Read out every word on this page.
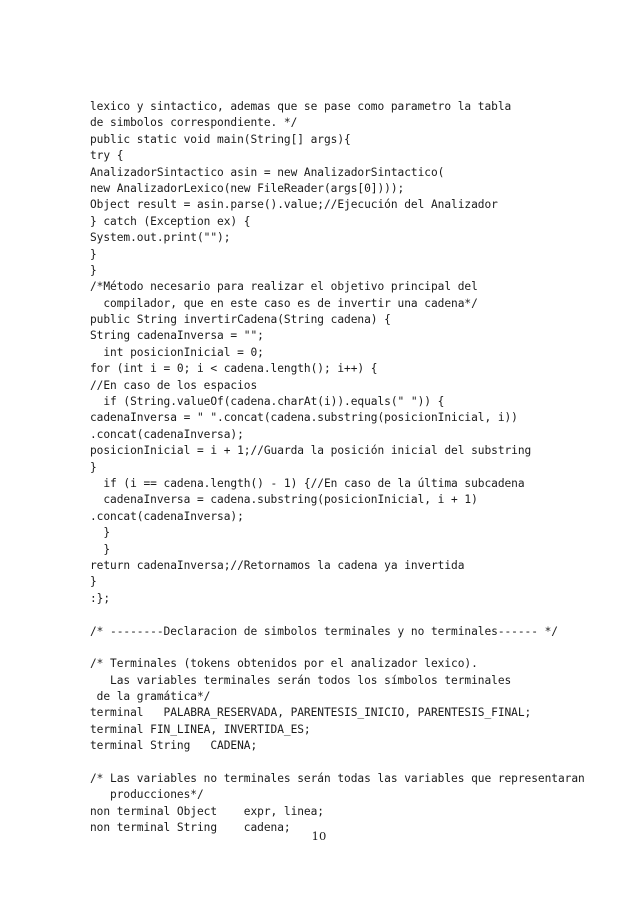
lexico y sintactico, ademas que se pase como parametro la tabla
de simbolos correspondiente. */
public static void main(String[] args){
try {
AnalizadorSintactico asin = new AnalizadorSintactico(
new AnalizadorLexico(new FileReader(args[0])));
Object result = asin.parse().value;//Ejecución del Analizador
} catch (Exception ex) {
System.out.print("");
}
}
/*Método necesario para realizar el objetivo principal del
compilador, que en este caso es de invertir una cadena*/
public String invertirCadena(String cadena) {
String cadenaInversa = "";
int posicionInicial = 0;
for (int i = 0; i < cadena.length(); i++) {
//En caso de los espacios
if (String.valueOf(cadena.charAt(i)).equals(" ")) {
cadenaInversa = " ".concat(cadena.substring(posicionInicial, i))
.concat(cadenaInversa);
posicionInicial = i + 1;//Guarda la posición inicial del substring
}
if (i == cadena.length() - 1) {//En caso de la última subcadena
cadenaInversa = cadena.substring(posicionInicial, i + 1)
.concat(cadenaInversa);
}
}
return cadenaInversa;//Retornamos la cadena ya invertida
}
:};
/* --------Declaracion de simbolos terminales y no terminales------ */
/* Terminales (tokens obtenidos por el analizador lexico).
Las variables terminales serán todos los símbolos terminales
de la gramática*/
terminal   PALABRA_RESERVADA, PARENTESIS_INICIO, PARENTESIS_FINAL;
terminal FIN_LINEA, INVERTIDA_ES;
terminal String   CADENA;
/* Las variables no terminales serán todas las variables que representaran
producciones*/
non terminal Object    expr, linea;
non terminal String    cadena;
10
